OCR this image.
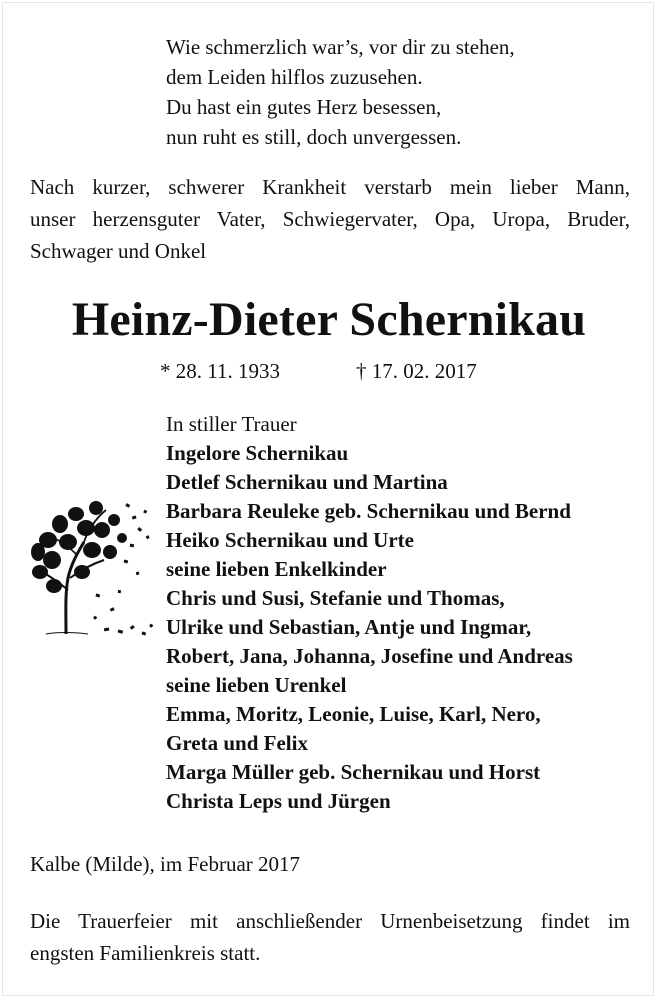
Wie schmerzlich war’s, vor dir zu stehen,
dem Leiden hilflos zuzusehen.
Du hast ein gutes Herz besessen,
nun ruht es still, doch unvergessen.
Nach kurzer, schwerer Krankheit verstarb mein lieber Mann,
unser herzensguter Vater, Schwiegervater, Opa, Uropa, Bruder,
Schwager und Onkel
Heinz-Dieter Schernikau
* 28. 11. 1933	† 17. 02. 2017
In stiller Trauer
Ingelore Schernikau
Detlef Schernikau und Martina
Barbara Reuleke geb. Schernikau und Bernd
Heiko Schernikau und Urte
seine lieben Enkelkinder
Chris und Susi, Stefanie und Thomas,
Ulrike und Sebastian, Antje und Ingmar,
Robert, Jana, Johanna, Josefine und Andreas
seine lieben Urenkel
Emma, Moritz, Leonie, Luise, Karl, Nero,
Greta und Felix
Marga Müller geb. Schernikau und Horst
Christa Leps und Jürgen
Kalbe (Milde), im Februar 2017
Die Trauerfeier mit anschließender Urnenbeisetzung findet im
engsten Familienkreis statt.
